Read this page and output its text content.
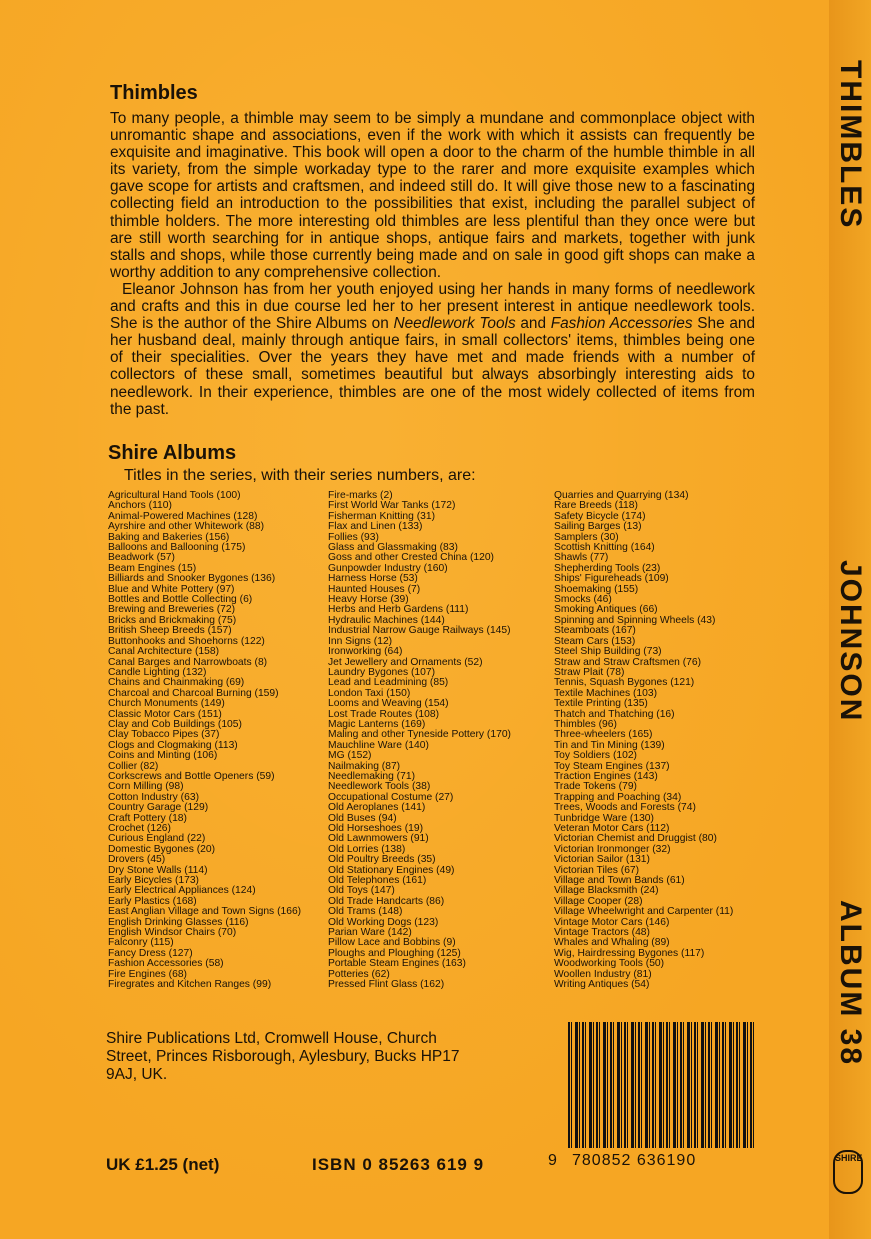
THIMBLES
JOHNSON
ALBUM 38
SHIRE
Thimbles

To many people, a thimble may seem to be simply a mundane and commonplace object with unromantic shape and associations, even if the work with which it assists can frequently be exquisite and imaginative. This book will open a door to the charm of the humble thimble in all its variety, from the simple workaday type to the rarer and more exquisite examples which gave scope for artists and craftsmen, and indeed still do. It will give those new to a fascinating collecting field an introduction to the possibilities that exist, including the parallel subject of thimble holders. The more interesting old thimbles are less plentiful than they once were but are still worth searching for in antique shops, antique fairs and markets, together with junk stalls and shops, while those currently being made and on sale in good gift shops can make a worthy addition to any comprehensive collection.

Eleanor Johnson has from her youth enjoyed using her hands in many forms of needlework and crafts and this in due course led her to her present interest in antique needlework tools. She is the author of the Shire Albums on Needlework Tools and Fashion Accessories She and her husband deal, mainly through antique fairs, in small collectors' items, thimbles being one of their specialities. Over the years they have met and made friends with a number of collectors of these small, sometimes beautiful but always absorbingly interesting aids to needlework. In their experience, thimbles are one of the most widely collected of items from the past.

Shire Albums

Titles in the series, with their series numbers, are:

Agricultural Hand Tools (100)
Anchors (110)
Animal-Powered Machines (128)
Ayrshire and other Whitework (88)
Baking and Bakeries (156)
Balloons and Ballooning (175)
Beadwork (57)
Beam Engines (15)
Billiards and Snooker Bygones (136)
Blue and White Pottery (97)
Bottles and Bottle Collecting (6)
Brewing and Breweries (72)
Bricks and Brickmaking (75)
British Sheep Breeds (157)
Buttonhooks and Shoehorns (122)
Canal Architecture (158)
Canal Barges and Narrowboats (8)
Candle Lighting (132)
Chains and Chainmaking (69)
Charcoal and Charcoal Burning (159)
Church Monuments (149)
Classic Motor Cars (151)
Clay and Cob Buildings (105)
Clay Tobacco Pipes (37)
Clogs and Clogmaking (113)
Coins and Minting (106)
Collier (82)
Corkscrews and Bottle Openers (59)
Corn Milling (98)
Cotton Industry (63)
Country Garage (129)
Craft Pottery (18)
Crochet (126)
Curious England (22)
Domestic Bygones (20)
Drovers (45)
Dry Stone Walls (114)
Early Bicycles (173)
Early Electrical Appliances (124)
Early Plastics (168)
East Anglian Village and Town Signs (166)
English Drinking Glasses (116)
English Windsor Chairs (70)
Falconry (115)
Fancy Dress (127)
Fashion Accessories (58)
Fire Engines (68)
Firegrates and Kitchen Ranges (99)
Fire-marks (2)
First World War Tanks (172)
Fisherman Knitting (31)
Flax and Linen (133)
Follies (93)
Glass and Glassmaking (83)
Goss and other Crested China (120)
Gunpowder Industry (160)
Harness Horse (53)
Haunted Houses (7)
Heavy Horse (39)
Herbs and Herb Gardens (111)
Hydraulic Machines (144)
Industrial Narrow Gauge Railways (145)
Inn Signs (12)
Ironworking (64)
Jet Jewellery and Ornaments (52)
Laundry Bygones (107)
Lead and Leadmining (85)
London Taxi (150)
Looms and Weaving (154)
Lost Trade Routes (108)
Magic Lanterns (169)
Maling and other Tyneside Pottery (170)
Mauchline Ware (140)
MG (152)
Nailmaking (87)
Needlemaking (71)
Needlework Tools (38)
Occupational Costume (27)
Old Aeroplanes (141)
Old Buses (94)
Old Horseshoes (19)
Old Lawnmowers (91)
Old Lorries (138)
Old Poultry Breeds (35)
Old Stationary Engines (49)
Old Telephones (161)
Old Toys (147)
Old Trade Handcarts (86)
Old Trams (148)
Old Working Dogs (123)
Parian Ware (142)
Pillow Lace and Bobbins (9)
Ploughs and Ploughing (125)
Portable Steam Engines (163)
Potteries (62)
Pressed Flint Glass (162)
Quarries and Quarrying (134)
Rare Breeds (118)
Safety Bicycle (174)
Sailing Barges (13)
Samplers (30)
Scottish Knitting (164)
Shawls (77)
Shepherding Tools (23)
Ships' Figureheads (109)
Shoemaking (155)
Smocks (46)
Smoking Antiques (66)
Spinning and Spinning Wheels (43)
Steamboats (167)
Steam Cars (153)
Steel Ship Building (73)
Straw and Straw Craftsmen (76)
Straw Plait (78)
Tennis, Squash Bygones (121)
Textile Machines (103)
Textile Printing (135)
Thatch and Thatching (16)
Thimbles (96)
Three-wheelers (165)
Tin and Tin Mining (139)
Toy Soldiers (102)
Toy Steam Engines (137)
Traction Engines (143)
Trade Tokens (79)
Trapping and Poaching (34)
Trees, Woods and Forests (74)
Tunbridge Ware (130)
Veteran Motor Cars (112)
Victorian Chemist and Druggist (80)
Victorian Ironmonger (32)
Victorian Sailor (131)
Victorian Tiles (67)
Village and Town Bands (61)
Village Blacksmith (24)
Village Cooper (28)
Village Wheelwright and Carpenter (11)
Vintage Motor Cars (146)
Vintage Tractors (48)
Whales and Whaling (89)
Wig, Hairdressing Bygones (117)
Woodworking Tools (50)
Woollen Industry (81)
Writing Antiques (54)
Shire Publications Ltd, Cromwell House, Church
Street, Princes Risborough, Aylesbury, Bucks HP17
9AJ, UK.
9 780852 636190

UK £1.25 (net)	ISBN 0 85263 619 9
